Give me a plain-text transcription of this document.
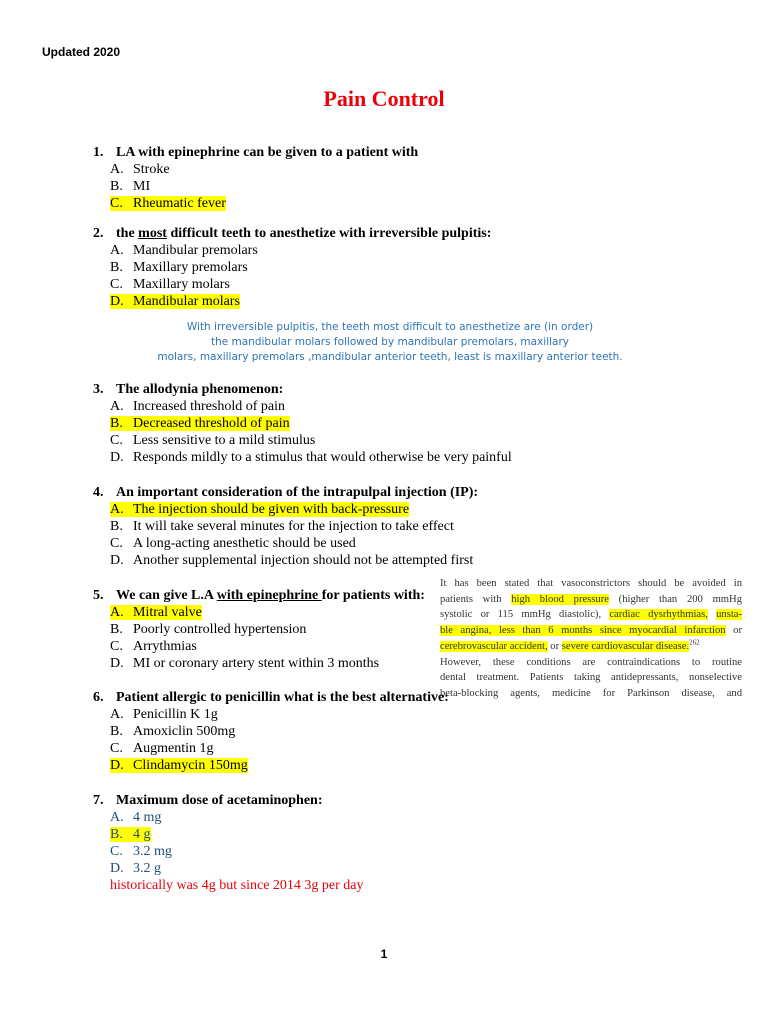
Updated 2020
Pain Control
1. LA with epinephrine can be given to a patient with
A. Stroke
B. MI
C. Rheumatic fever
2. the most difficult teeth to anesthetize with irreversible pulpitis:
A. Mandibular premolars
B. Maxillary premolars
C. Maxillary molars
D. Mandibular molars
With irreversible pulpitis, the teeth most difficult to anesthetize are (in order)
the mandibular molars followed by mandibular premolars, maxillary
molars, maxillary premolars ,mandibular anterior teeth, least is maxillary anterior teeth.
3. The allodynia phenomenon:
A. Increased threshold of pain
B. Decreased threshold of pain
C. Less sensitive to a mild stimulus
D. Responds mildly to a stimulus that would otherwise be very painful
4. An important consideration of the intrapulpal injection (IP):
A. The injection should be given with back-pressure
B. It will take several minutes for the injection to take effect
C. A long-acting anesthetic should be used
D. Another supplemental injection should not be attempted first
5. We can give L.A with epinephrine for patients with:
A. Mitral valve
B. Poorly controlled hypertension
C. Arrythmias
D. MI or coronary artery stent within 3 months
It has been stated that vasoconstrictors should be avoided in
patients with high blood pressure (higher than 200 mmHg
systolic or 115 mmHg diastolic), cardiac dysrhythmias, unsta-
ble angina, less than 6 months since myocardial infarction or
cerebrovascular accident, or severe cardiovascular disease.$^{262}$
However, these conditions are contraindications to routine
dental treatment. Patients taking antidepressants, nonselective
beta-blocking agents, medicine for Parkinson disease, and
6. Patient allergic to penicillin what is the best alternative:
A. Penicillin K 1g
B. Amoxiclin 500mg
C. Augmentin 1g
D. Clindamycin 150mg
7. Maximum dose of acetaminophen:
A. 4 mg
B. 4 g
C. 3.2 mg
D. 3.2 g
historically was 4g but since 2014 3g per day
1
